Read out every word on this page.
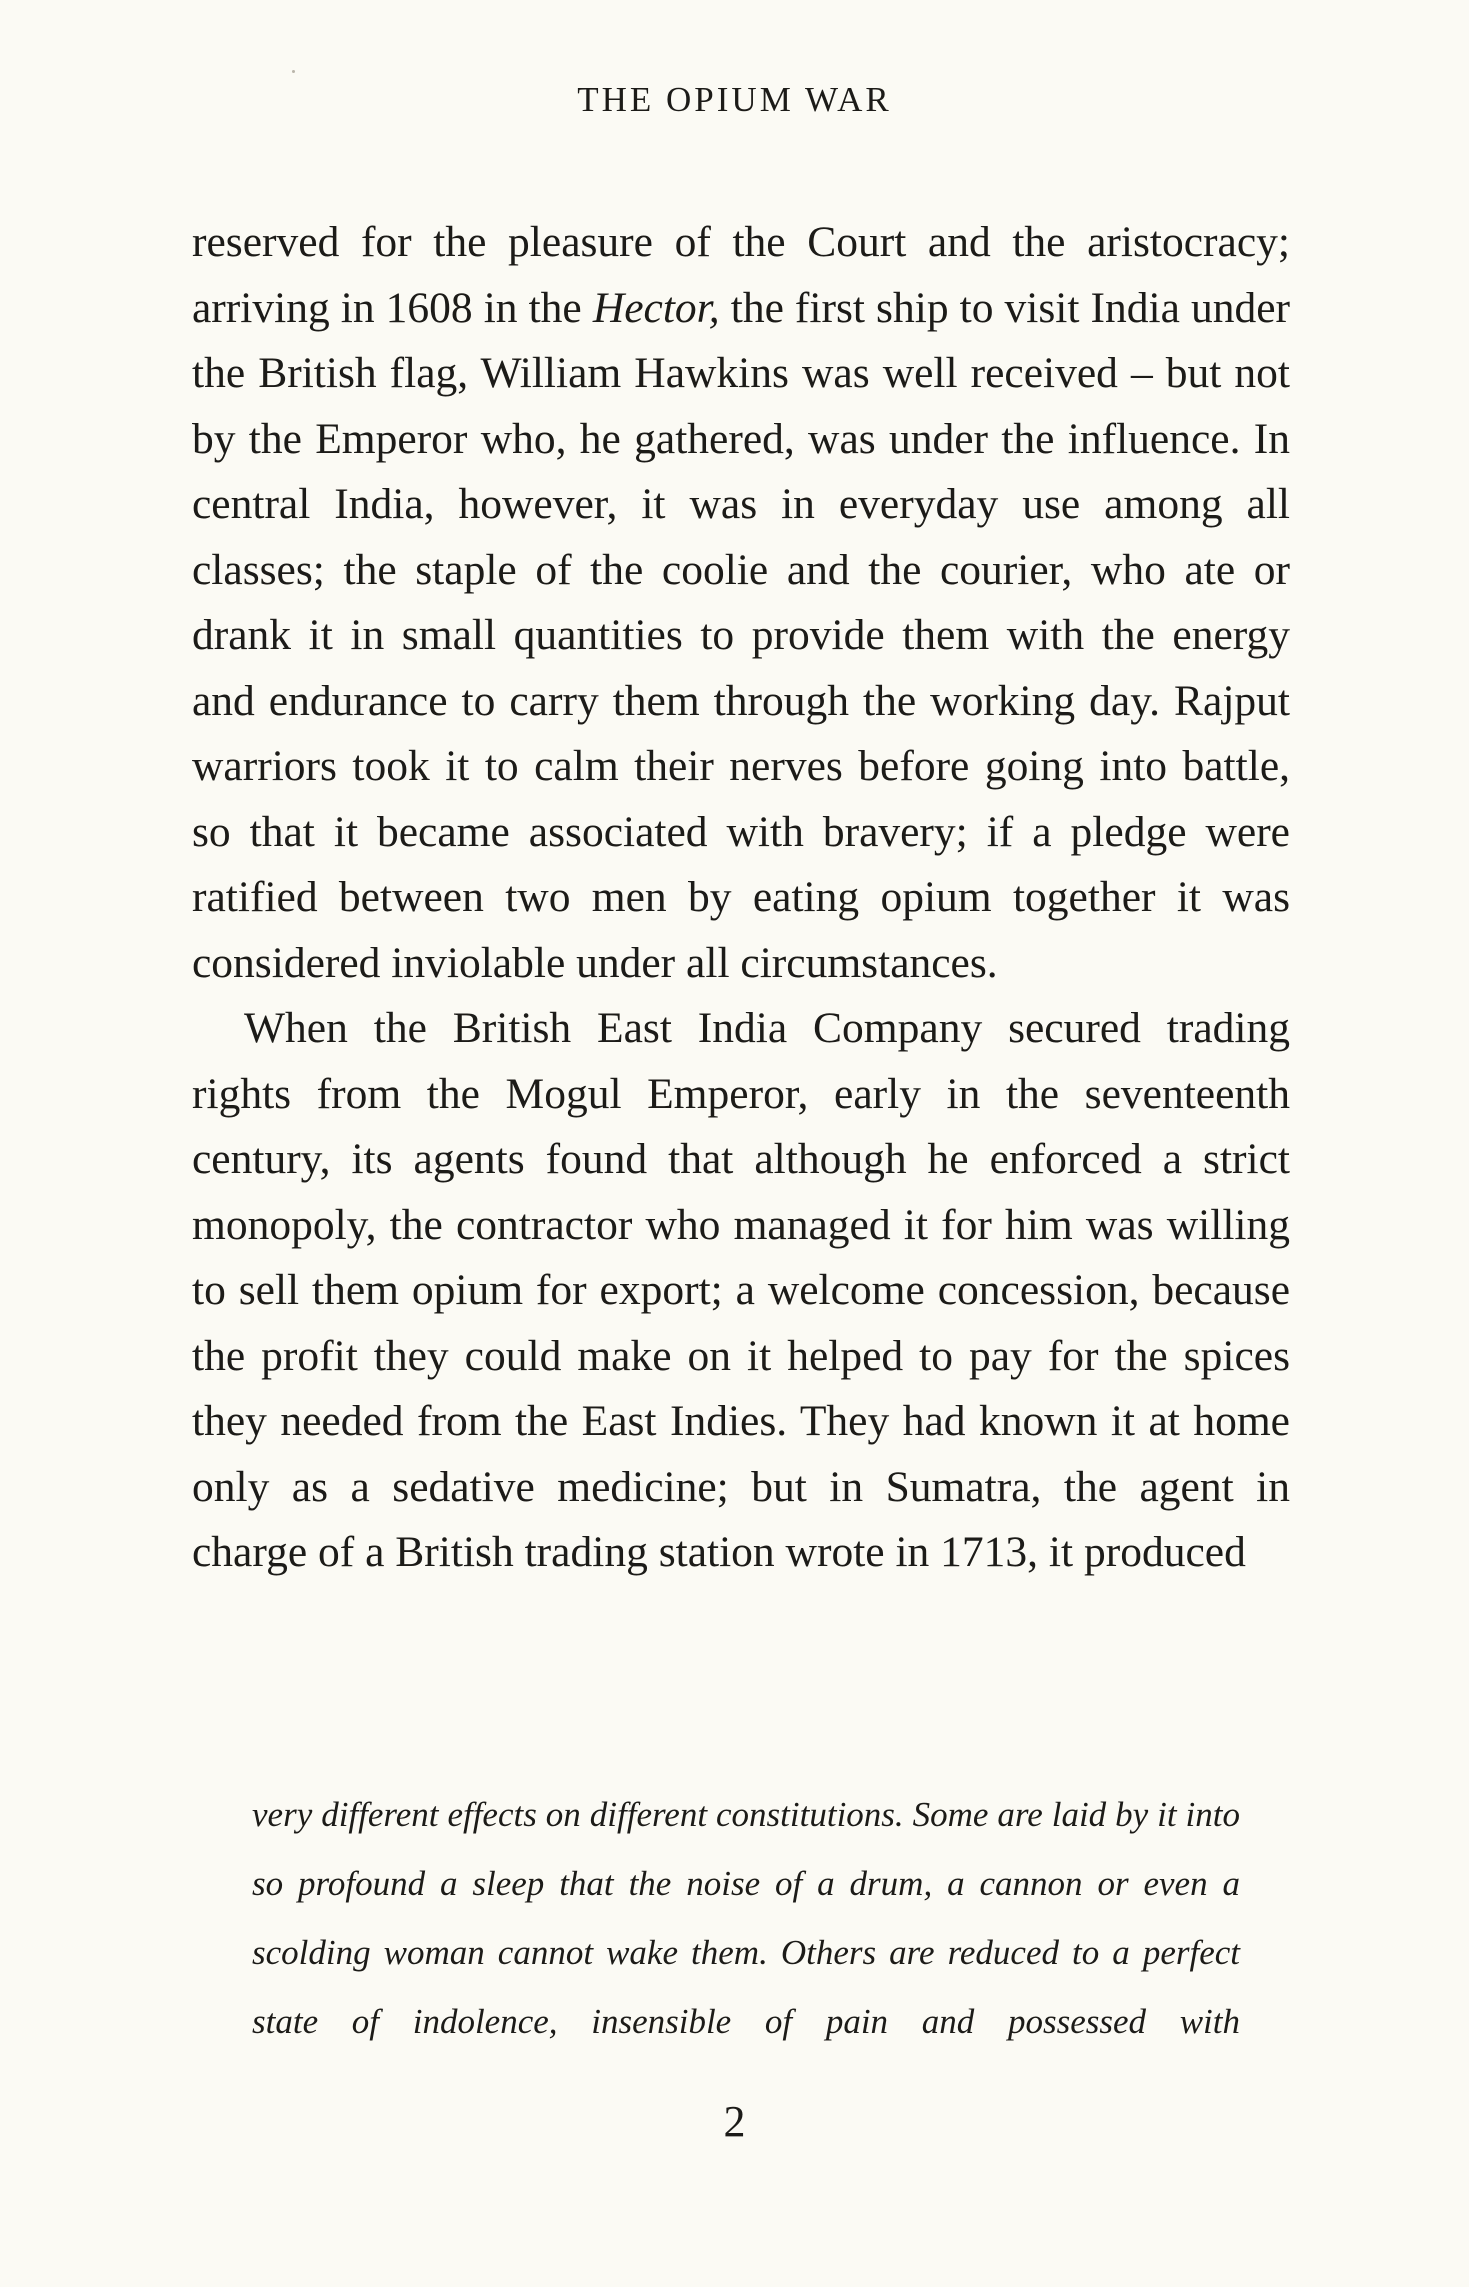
THE OPIUM WAR

reserved for the pleasure of the Court and the aristocracy; arriving in 1608 in the Hector, the first ship to visit India under the British flag, William Hawkins was well received – but not by the Emperor who, he gathered, was under the influence. In central India, however, it was in everyday use among all classes; the staple of the coolie and the courier, who ate or drank it in small quantities to provide them with the energy and endurance to carry them through the working day. Rajput warriors took it to calm their nerves before going into battle, so that it became associated with bravery; if a pledge were ratified between two men by eating opium together it was considered inviolable under all circumstances.

When the British East India Company secured trading rights from the Mogul Emperor, early in the seventeenth century, its agents found that although he enforced a strict monopoly, the contractor who managed it for him was willing to sell them opium for export; a welcome concession, because the profit they could make on it helped to pay for the spices they needed from the East Indies. They had known it at home only as a sedative medicine; but in Sumatra, the agent in charge of a British trading station wrote in 1713, it produced

very different effects on different constitutions. Some are laid by it into so profound a sleep that the noise of a drum, a cannon or even a scolding woman cannot wake them. Others are reduced to a perfect state of indolence, insensible of pain and possessed with
2
